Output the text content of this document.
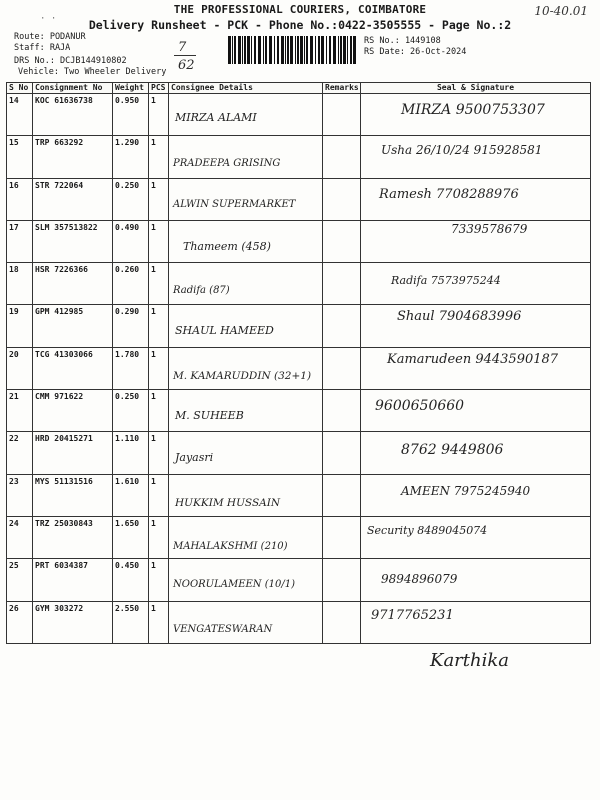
· ·
THE PROFESSIONAL COURIERS, COIMBATORE
Delivery Runsheet - PCK - Phone No.:0422-3505555 - Page No.:2
10-40.01
Route: PODANUR
Staff: RAJA
DRS No.: DCJB144910802
Vehicle: Two Wheeler Delivery
7
62
RS No.: 1449108
RS Date: 26-Oct-2024
S No	Consignment No	Weight	PCS	Consignee Details	Remarks	Seal & Signature
14	KOC 61636738	0.950	1	MIRZA ALAMI		MIRZA 9500753307

15	TRP 663292	1.290	1	PRADEEPA GRISING		Usha 26/10/24 915928581

16	STR 722064	0.250	1	ALWIN SUPERMARKET		Ramesh 7708288976

17	SLM 357513822	0.490	1	Thameem (458)		7339578679

18	HSR 7226366	0.260	1	Radifa (87)		Radifa 7573975244

19	GPM 412985	0.290	1	SHAUL HAMEED		Shaul 7904683996

20	TCG 41303066	1.780	1	M. KAMARUDDIN (32+1)		Kamarudeen 9443590187

21	CMM 971622	0.250	1	M. SUHEEB		9600650660

22	HRD 20415271	1.110	1	Jayasri		8762 9449806

23	MYS 51131516	1.610	1	HUKKIM HUSSAIN		AMEEN 7975245940

24	TRZ 25030843	1.650	1	MAHALAKSHMI (210)		Security 8489045074

25	PRT 6034387	0.450	1	NOORULAMEEN (10/1)		9894896079

26	GYM 303272	2.550	1	VENGATESWARAN		9717765231
Karthika
